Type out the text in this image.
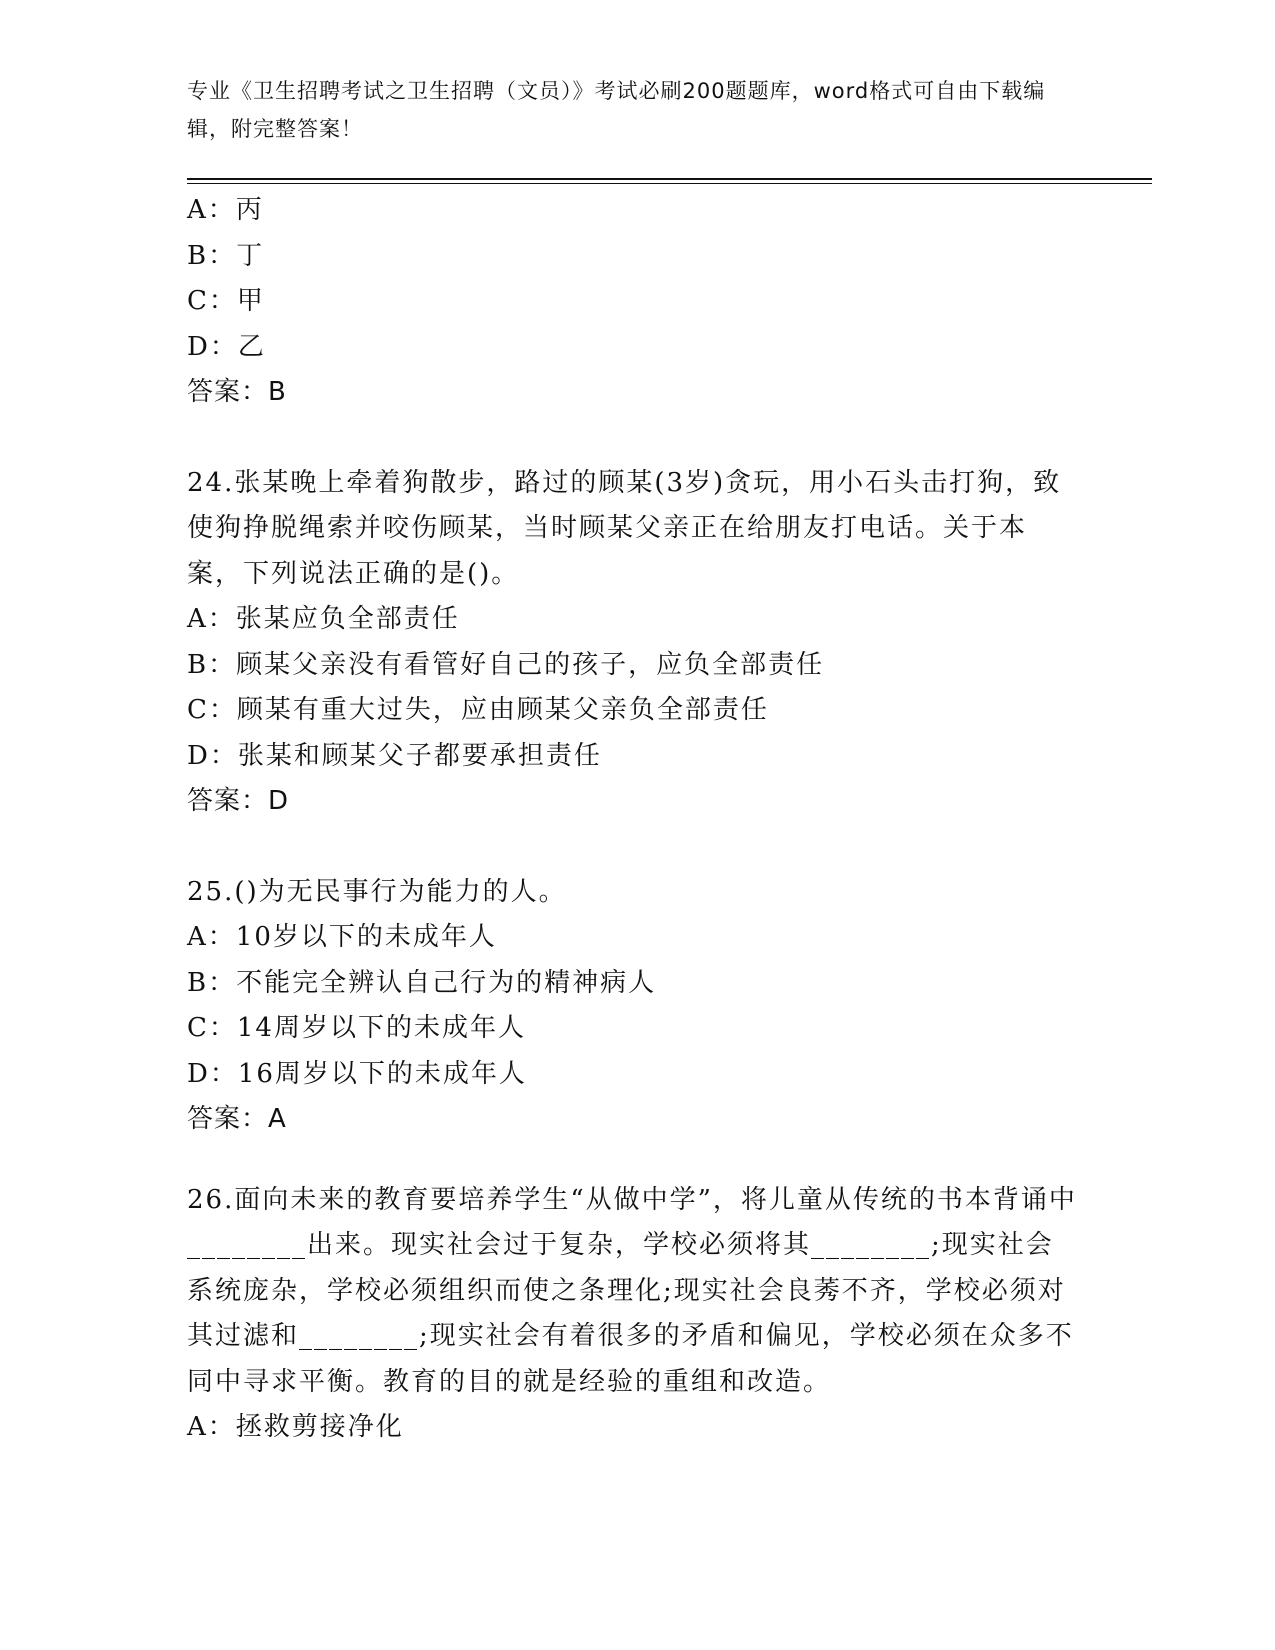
专业《卫生招聘考试之卫生招聘（文员）》考试必刷200题题库，word格式可自由下载编辑，附完整答案！
A：丙
B：丁
C：甲
D：乙
答案：B
24.张某晚上牵着狗散步，路过的顾某(3岁)贪玩，用小石头击打狗，致使狗挣脱绳索并咬伤顾某，当时顾某父亲正在给朋友打电话。关于本案，下列说法正确的是()。
A：张某应负全部责任
B：顾某父亲没有看管好自己的孩子，应负全部责任
C：顾某有重大过失，应由顾某父亲负全部责任
D：张某和顾某父子都要承担责任
答案：D
25.()为无民事行为能力的人。
A：10岁以下的未成年人
B：不能完全辨认自己行为的精神病人
C：14周岁以下的未成年人
D：16周岁以下的未成年人
答案：A
26.面向未来的教育要培养学生“从做中学”，将儿童从传统的书本背诵中________出来。现实社会过于复杂，学校必须将其________;现实社会系统庞杂，学校必须组织而使之条理化;现实社会良莠不齐，学校必须对其过滤和________;现实社会有着很多的矛盾和偏见，学校必须在众多不同中寻求平衡。教育的目的就是经验的重组和改造。
A：拯救剪接净化
